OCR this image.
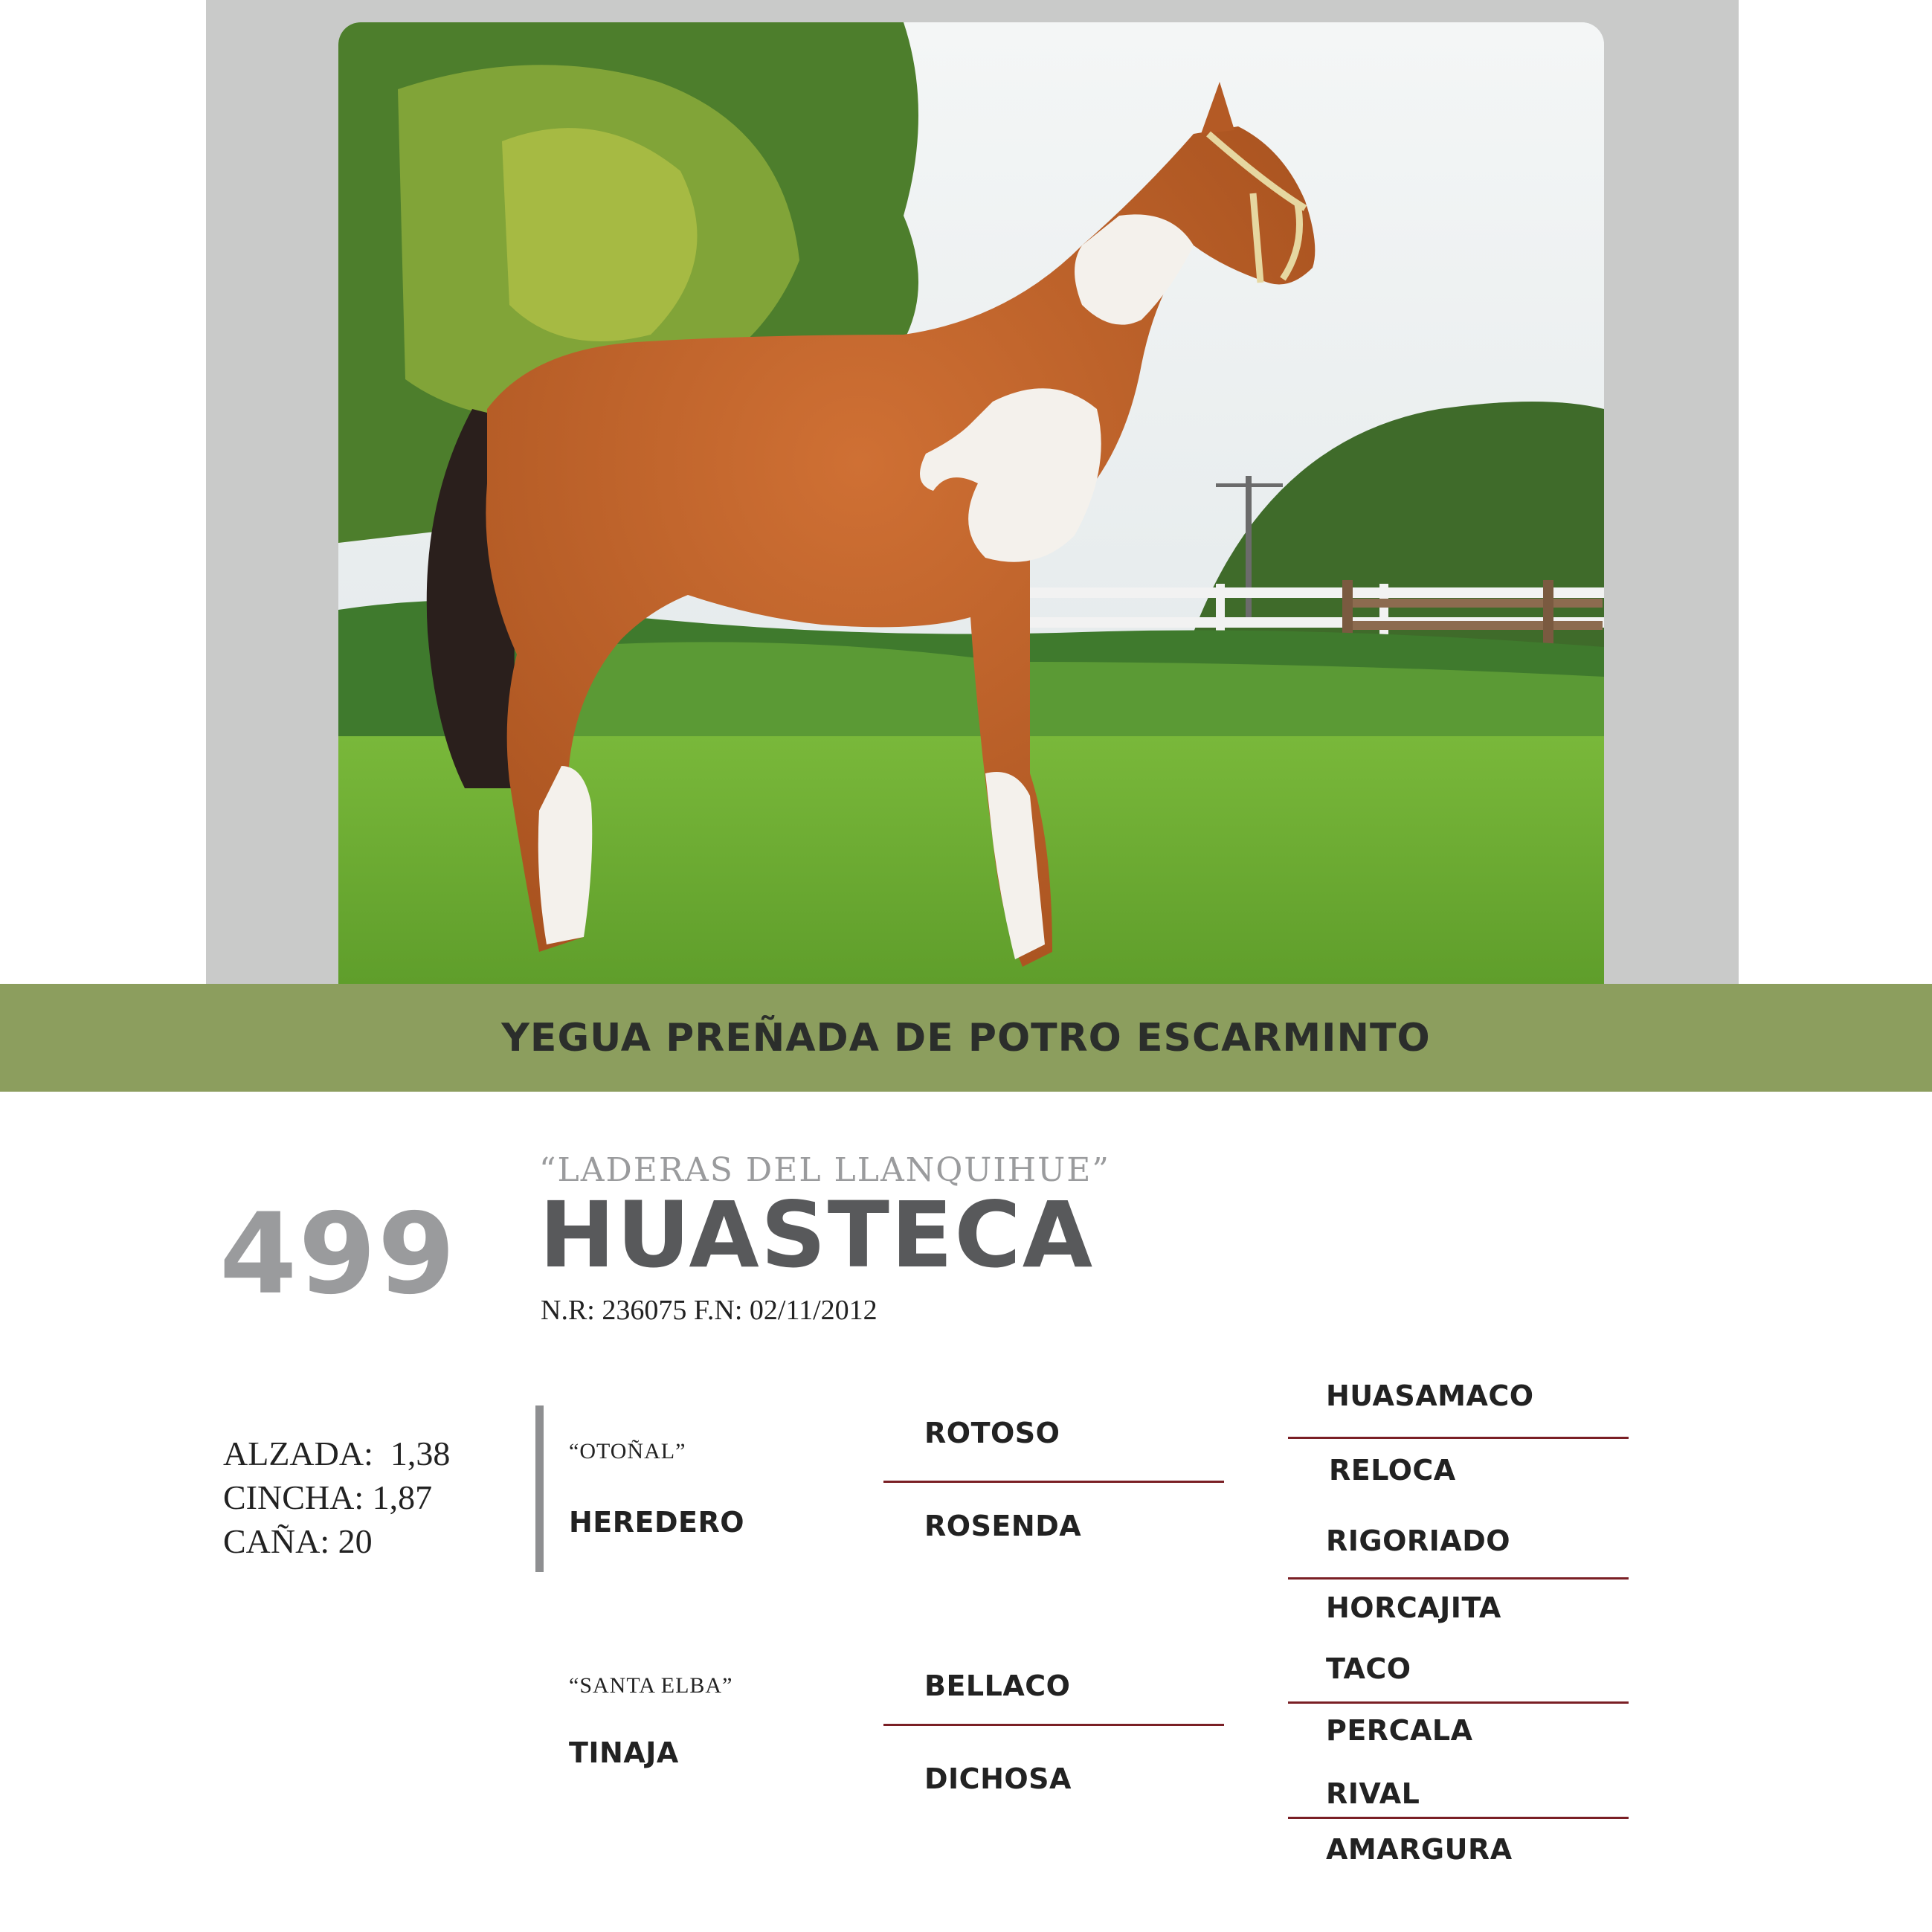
YEGUA PREÑADA DE POTRO ESCARMINTO
499
“LADERAS DEL LLANQUIHUE”
HUASTECA
N.R: 236075 F.N: 02/11/2012
ALZADA:  1,38
CINCHA: 1,87
CAÑA: 20
“OTOÑAL”
HEREDERO
“SANTA ELBA”
TINAJA
ROTOSO
ROSENDA
BELLACO
DICHOSA
HUASAMACO
RELOCA
RIGORIADO
HORCAJITA
TACO
PERCALA
RIVAL
AMARGURA
